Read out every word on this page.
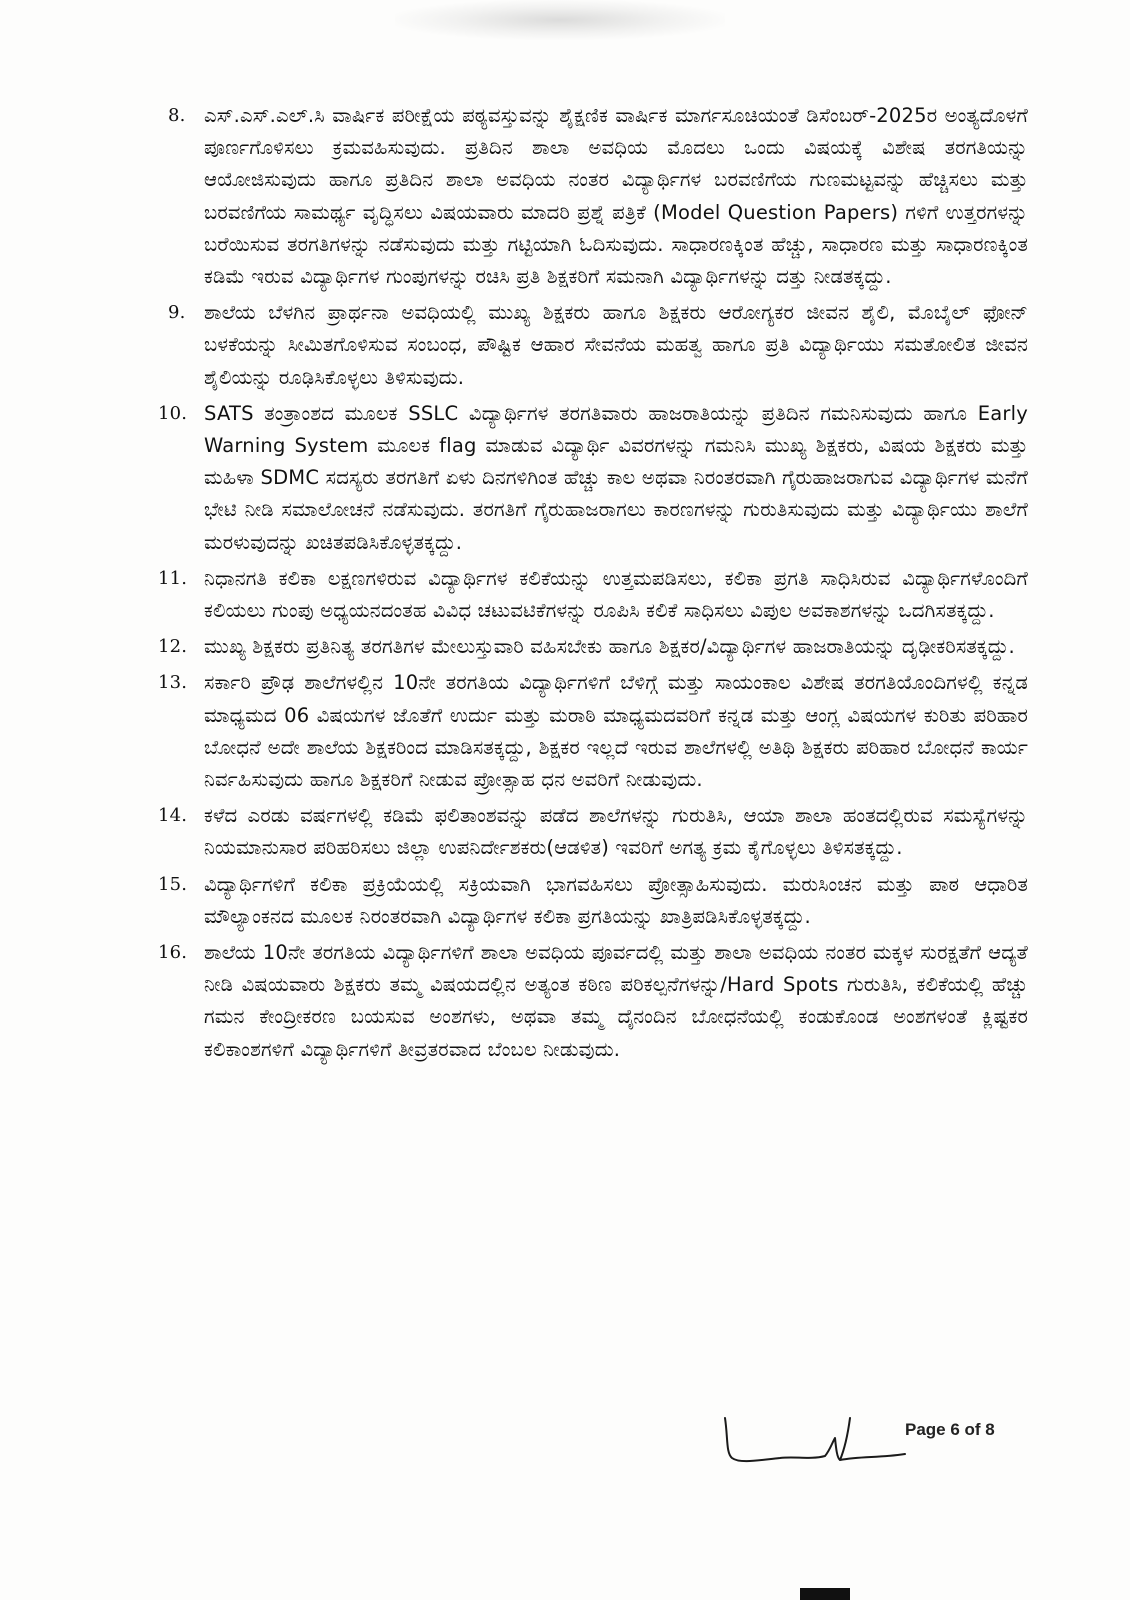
8. ಎಸ್.ಎಸ್.ಎಲ್.ಸಿ ವಾರ್ಷಿಕ ಪರೀಕ್ಷೆಯ ಪಠ್ಯವಸ್ತುವನ್ನು ಶೈಕ್ಷಣಿಕ ವಾರ್ಷಿಕ ಮಾರ್ಗಸೂಚಿಯಂತೆ ಡಿಸೆಂಬರ್-2025ರ ಅಂತ್ಯದೊಳಗೆ ಪೂರ್ಣಗೊಳಿಸಲು ಕ್ರಮವಹಿಸುವುದು. ಪ್ರತಿದಿನ ಶಾಲಾ ಅವಧಿಯ ಮೊದಲು ಒಂದು ವಿಷಯಕ್ಕೆ ವಿಶೇಷ ತರಗತಿಯನ್ನು ಆಯೋಜಿಸುವುದು ಹಾಗೂ ಪ್ರತಿದಿನ ಶಾಲಾ ಅವಧಿಯ ನಂತರ ವಿದ್ಯಾರ್ಥಿಗಳ ಬರವಣಿಗೆಯ ಗುಣಮಟ್ಟವನ್ನು ಹೆಚ್ಚಿಸಲು ಮತ್ತು ಬರವಣಿಗೆಯ ಸಾಮರ್ಥ್ಯ ವೃದ್ಧಿಸಲು ವಿಷಯವಾರು ಮಾದರಿ ಪ್ರಶ್ನೆ ಪತ್ರಿಕೆ (Model Question Papers) ಗಳಿಗೆ ಉತ್ತರಗಳನ್ನು ಬರೆಯಿಸುವ ತರಗತಿಗಳನ್ನು ನಡೆಸುವುದು ಮತ್ತು ಗಟ್ಟಿಯಾಗಿ ಓದಿಸುವುದು. ಸಾಧಾರಣಕ್ಕಿಂತ ಹೆಚ್ಚು, ಸಾಧಾರಣ ಮತ್ತು ಸಾಧಾರಣಕ್ಕಿಂತ ಕಡಿಮೆ ಇರುವ ವಿದ್ಯಾರ್ಥಿಗಳ ಗುಂಪುಗಳನ್ನು ರಚಿಸಿ ಪ್ರತಿ ಶಿಕ್ಷಕರಿಗೆ ಸಮನಾಗಿ ವಿದ್ಯಾರ್ಥಿಗಳನ್ನು ದತ್ತು ನೀಡತಕ್ಕದ್ದು.
9. ಶಾಲೆಯ ಬೆಳಗಿನ ಪ್ರಾರ್ಥನಾ ಅವಧಿಯಲ್ಲಿ ಮುಖ್ಯ ಶಿಕ್ಷಕರು ಹಾಗೂ ಶಿಕ್ಷಕರು ಆರೋಗ್ಯಕರ ಜೀವನ ಶೈಲಿ, ಮೊಬೈಲ್ ಫೋನ್ ಬಳಕೆಯನ್ನು ಸೀಮಿತಗೊಳಿಸುವ ಸಂಬಂಧ, ಪೌಷ್ಟಿಕ ಆಹಾರ ಸೇವನೆಯ ಮಹತ್ವ ಹಾಗೂ ಪ್ರತಿ ವಿದ್ಯಾರ್ಥಿಯು ಸಮತೋಲಿತ ಜೀವನ ಶೈಲಿಯನ್ನು ರೂಢಿಸಿಕೊಳ್ಳಲು ತಿಳಿಸುವುದು.
10. SATS ತಂತ್ರಾಂಶದ ಮೂಲಕ SSLC ವಿದ್ಯಾರ್ಥಿಗಳ ತರಗತಿವಾರು ಹಾಜರಾತಿಯನ್ನು ಪ್ರತಿದಿನ ಗಮನಿಸುವುದು ಹಾಗೂ Early Warning System ಮೂಲಕ flag ಮಾಡುವ ವಿದ್ಯಾರ್ಥಿ ವಿವರಗಳನ್ನು ಗಮನಿಸಿ ಮುಖ್ಯ ಶಿಕ್ಷಕರು, ವಿಷಯ ಶಿಕ್ಷಕರು ಮತ್ತು ಮಹಿಳಾ SDMC ಸದಸ್ಯರು ತರಗತಿಗೆ ಏಳು ದಿನಗಳಿಗಿಂತ ಹೆಚ್ಚು ಕಾಲ ಅಥವಾ ನಿರಂತರವಾಗಿ ಗೈರುಹಾಜರಾಗುವ ವಿದ್ಯಾರ್ಥಿಗಳ ಮನೆಗೆ ಭೇಟಿ ನೀಡಿ ಸಮಾಲೋಚನೆ ನಡೆಸುವುದು. ತರಗತಿಗೆ ಗೈರುಹಾಜರಾಗಲು ಕಾರಣಗಳನ್ನು ಗುರುತಿಸುವುದು ಮತ್ತು ವಿದ್ಯಾರ್ಥಿಯು ಶಾಲೆಗೆ ಮರಳುವುದನ್ನು ಖಚಿತಪಡಿಸಿಕೊಳ್ಳತಕ್ಕದ್ದು.
11. ನಿಧಾನಗತಿ ಕಲಿಕಾ ಲಕ್ಷಣಗಳಿರುವ ವಿದ್ಯಾರ್ಥಿಗಳ ಕಲಿಕೆಯನ್ನು ಉತ್ತಮಪಡಿಸಲು, ಕಲಿಕಾ ಪ್ರಗತಿ ಸಾಧಿಸಿರುವ ವಿದ್ಯಾರ್ಥಿಗಳೊಂದಿಗೆ ಕಲಿಯಲು ಗುಂಪು ಅಧ್ಯಯನದಂತಹ ವಿವಿಧ ಚಟುವಟಿಕೆಗಳನ್ನು ರೂಪಿಸಿ ಕಲಿಕೆ ಸಾಧಿಸಲು ವಿಪುಲ ಅವಕಾಶಗಳನ್ನು ಒದಗಿಸತಕ್ಕದ್ದು.
12. ಮುಖ್ಯ ಶಿಕ್ಷಕರು ಪ್ರತಿನಿತ್ಯ ತರಗತಿಗಳ ಮೇಲುಸ್ತುವಾರಿ ವಹಿಸಬೇಕು ಹಾಗೂ ಶಿಕ್ಷಕರ/ವಿದ್ಯಾರ್ಥಿಗಳ ಹಾಜರಾತಿಯನ್ನು ದೃಢೀಕರಿಸತಕ್ಕದ್ದು.
13. ಸರ್ಕಾರಿ ಪ್ರೌಢ ಶಾಲೆಗಳಲ್ಲಿನ 10ನೇ ತರಗತಿಯ ವಿದ್ಯಾರ್ಥಿಗಳಿಗೆ ಬೆಳಿಗ್ಗೆ ಮತ್ತು ಸಾಯಂಕಾಲ ವಿಶೇಷ ತರಗತಿಯೊಂದಿಗಳಲ್ಲಿ ಕನ್ನಡ ಮಾಧ್ಯಮದ 06 ವಿಷಯಗಳ ಜೊತೆಗೆ ಉರ್ದು ಮತ್ತು ಮರಾಠಿ ಮಾಧ್ಯಮದವರಿಗೆ ಕನ್ನಡ ಮತ್ತು ಆಂಗ್ಲ ವಿಷಯಗಳ ಕುರಿತು ಪರಿಹಾರ ಬೋಧನೆ ಅದೇ ಶಾಲೆಯ ಶಿಕ್ಷಕರಿಂದ ಮಾಡಿಸತಕ್ಕದ್ದು, ಶಿಕ್ಷಕರ ಇಲ್ಲದೆ ಇರುವ ಶಾಲೆಗಳಲ್ಲಿ ಅತಿಥಿ ಶಿಕ್ಷಕರು ಪರಿಹಾರ ಬೋಧನೆ ಕಾರ್ಯ ನಿರ್ವಹಿಸುವುದು ಹಾಗೂ ಶಿಕ್ಷಕರಿಗೆ ನೀಡುವ ಪ್ರೋತ್ಸಾಹ ಧನ ಅವರಿಗೆ ನೀಡುವುದು.
14. ಕಳೆದ ಎರಡು ವರ್ಷಗಳಲ್ಲಿ ಕಡಿಮೆ ಫಲಿತಾಂಶವನ್ನು ಪಡೆದ ಶಾಲೆಗಳನ್ನು ಗುರುತಿಸಿ, ಆಯಾ ಶಾಲಾ ಹಂತದಲ್ಲಿರುವ ಸಮಸ್ಯೆಗಳನ್ನು ನಿಯಮಾನುಸಾರ ಪರಿಹರಿಸಲು ಜಿಲ್ಲಾ ಉಪನಿರ್ದೇಶಕರು(ಆಡಳಿತ) ಇವರಿಗೆ ಅಗತ್ಯ ಕ್ರಮ ಕೈಗೊಳ್ಳಲು ತಿಳಿಸತಕ್ಕದ್ದು.
15. ವಿದ್ಯಾರ್ಥಿಗಳಿಗೆ ಕಲಿಕಾ ಪ್ರಕ್ರಿಯೆಯಲ್ಲಿ ಸಕ್ರಿಯವಾಗಿ ಭಾಗವಹಿಸಲು ಪ್ರೋತ್ಸಾಹಿಸುವುದು. ಮರುಸಿಂಚನ ಮತ್ತು ಪಾಠ ಆಧಾರಿತ ಮೌಲ್ಯಾಂಕನದ ಮೂಲಕ ನಿರಂತರವಾಗಿ ವಿದ್ಯಾರ್ಥಿಗಳ ಕಲಿಕಾ ಪ್ರಗತಿಯನ್ನು ಖಾತ್ರಿಪಡಿಸಿಕೊಳ್ಳತಕ್ಕದ್ದು.
16. ಶಾಲೆಯ 10ನೇ ತರಗತಿಯ ವಿದ್ಯಾರ್ಥಿಗಳಿಗೆ ಶಾಲಾ ಅವಧಿಯ ಪೂರ್ವದಲ್ಲಿ ಮತ್ತು ಶಾಲಾ ಅವಧಿಯ ನಂತರ ಮಕ್ಕಳ ಸುರಕ್ಷತೆಗೆ ಆದ್ಯತೆ ನೀಡಿ ವಿಷಯವಾರು ಶಿಕ್ಷಕರು ತಮ್ಮ ವಿಷಯದಲ್ಲಿನ ಅತ್ಯಂತ ಕಠಿಣ ಪರಿಕಲ್ಪನೆಗಳನ್ನು/Hard Spots ಗುರುತಿಸಿ, ಕಲಿಕೆಯಲ್ಲಿ ಹೆಚ್ಚು ಗಮನ ಕೇಂದ್ರೀಕರಣ ಬಯಸುವ ಅಂಶಗಳು, ಅಥವಾ ತಮ್ಮ ದೈನಂದಿನ ಬೋಧನೆಯಲ್ಲಿ ಕಂಡುಕೊಂಡ ಅಂಶಗಳಂತೆ ಕ್ಲಿಷ್ಟಕರ ಕಲಿಕಾಂಶಗಳಿಗೆ ವಿದ್ಯಾರ್ಥಿಗಳಿಗೆ ತೀವ್ರತರವಾದ ಬೆಂಬಲ ನೀಡುವುದು.
Page 6 of 8
